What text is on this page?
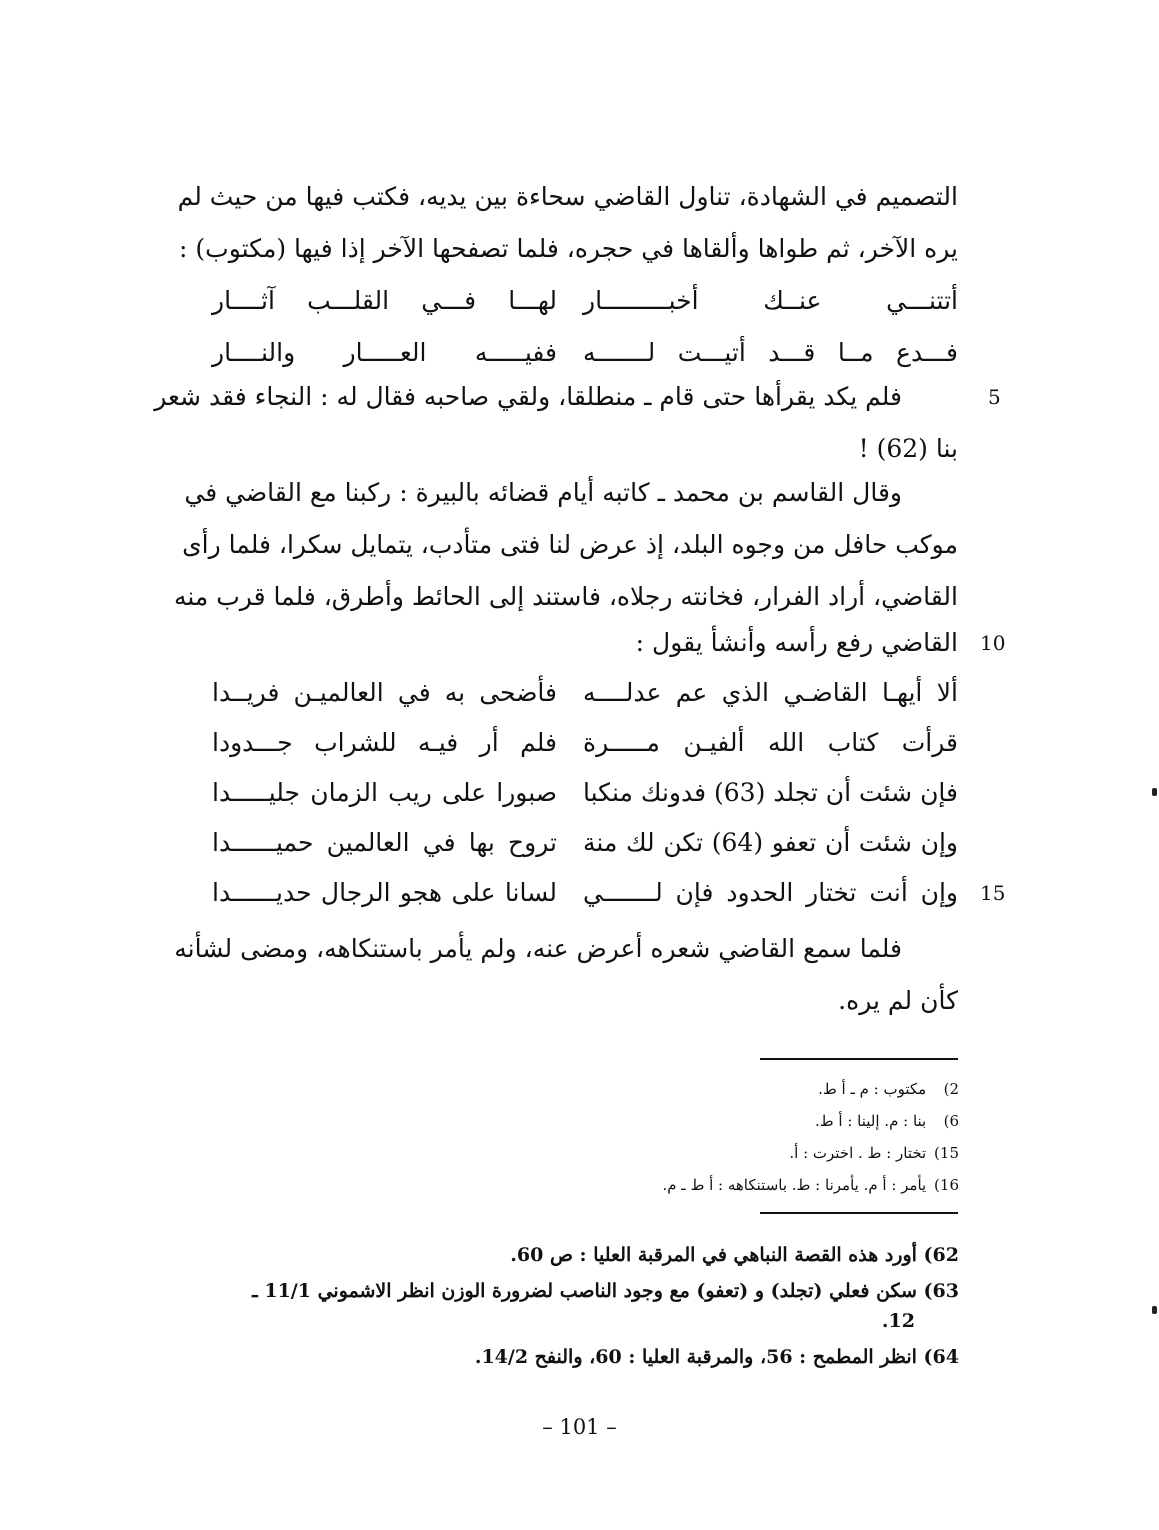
التصميم في الشهادة، تناول القاضي سحاءة بين يديه، فكتب فيها من حيث لم
يره الآخر، ثم طواها وألقاها في حجره، فلما تصفحها الآخر إذا فيها (مكتوب) :
أتتنـــي عنــك أخبـــــــــار
لهـــا فـــي القلـــب آثــــار
فـــدع مــا قـــد أتيـــت لـــــــه
ففيـــــه العـــــار والنــــار
5
فلم يكد يقرأها حتى قام ـ منطلقا، ولقي صاحبه فقال له : النجاء فقد شعر
بنا (62) !
وقال القاسم بن محمد ـ كاتبه أيام قضائه بالبيرة : ركبنا مع القاضي في
موكب حافل من وجوه البلد، إذ عرض لنا فتى متأدب، يتمايل سكرا، فلما رأى
القاضي، أراد الفرار، فخانته رجلاه، فاستند إلى الحائط وأطرق، فلما قرب منه
10
القاضي رفع رأسه وأنشأ يقول :
ألا أيهـا القاضـي الذي عم عدلــــه
فأضحى به في العالميـن فريــدا
قرأت كتاب الله ألفيـن مـــــرة
فلم أر فيـه للشراب جـــدودا
فإن شئت أن تجلد (63) فدونك منكبا
صبورا على ريب الزمان جليـــــدا
وإن شئت أن تعفو (64) تكن لك منة
تروح بها في العالمين حميــــــدا
15
وإن أنت تختار الحدود فإن لـــــــي
لسانا على هجو الرجال حديــــــدا
فلما سمع القاضي شعره أعرض عنه، ولم يأمر باستنكاهه، ومضى لشأنه
كأن لم يره.
2) مكتوب : م ـ أ ط.
6) بنا : م. إلينا : أ ط.
15) تختار : ط . اخترت : أ.
16) يأمر : أ م. يأمرنا : ط. باستنكاهه : أ ط ـ م.
62) أورد هذه القصة النباهي في المرقبة العليا : ص 60.
63) سكن فعلي (تجلد) و (تعفو) مع وجود الناصب لضرورة الوزن انظر الاشموني 11/1 ـ
12.
64) انظر المطمح : 56، والمرقبة العليا : 60، والنفح 14/2.
– 101 –
